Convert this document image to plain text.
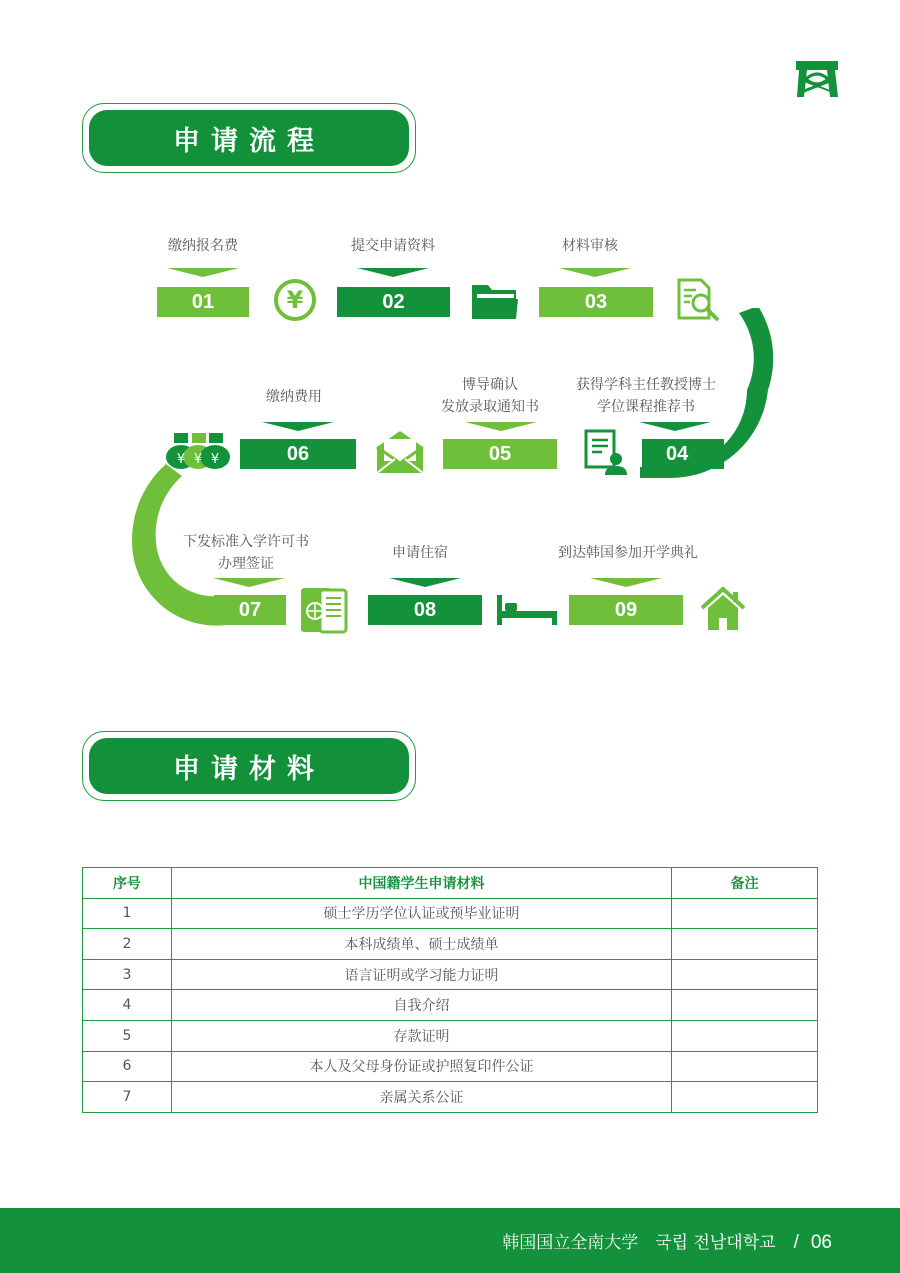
申请流程
缴纳报名费
01	¥
提交申请资料
02
材料审核
03
获得学科主任教授博士
学位课程推荐书
04
博导确认
发放录取通知书
05
缴纳费用
06
¥ ¥ ¥
下发标准入学许可书
办理签证
07
申请住宿
08
到达韩国参加开学典礼
09
申请材料
序号	中国籍学生申请材料	备注
1	硕士学历学位认证或预毕业证明	
2	本科成绩单、硕士成绩单	
3	语言证明或学习能力证明	
4	自我介绍	
5	存款证明	
6	本人及父母身份证或护照复印件公证	
7	亲属关系公证	
韩国国立全南大学　국립 전남대학교 / 06
